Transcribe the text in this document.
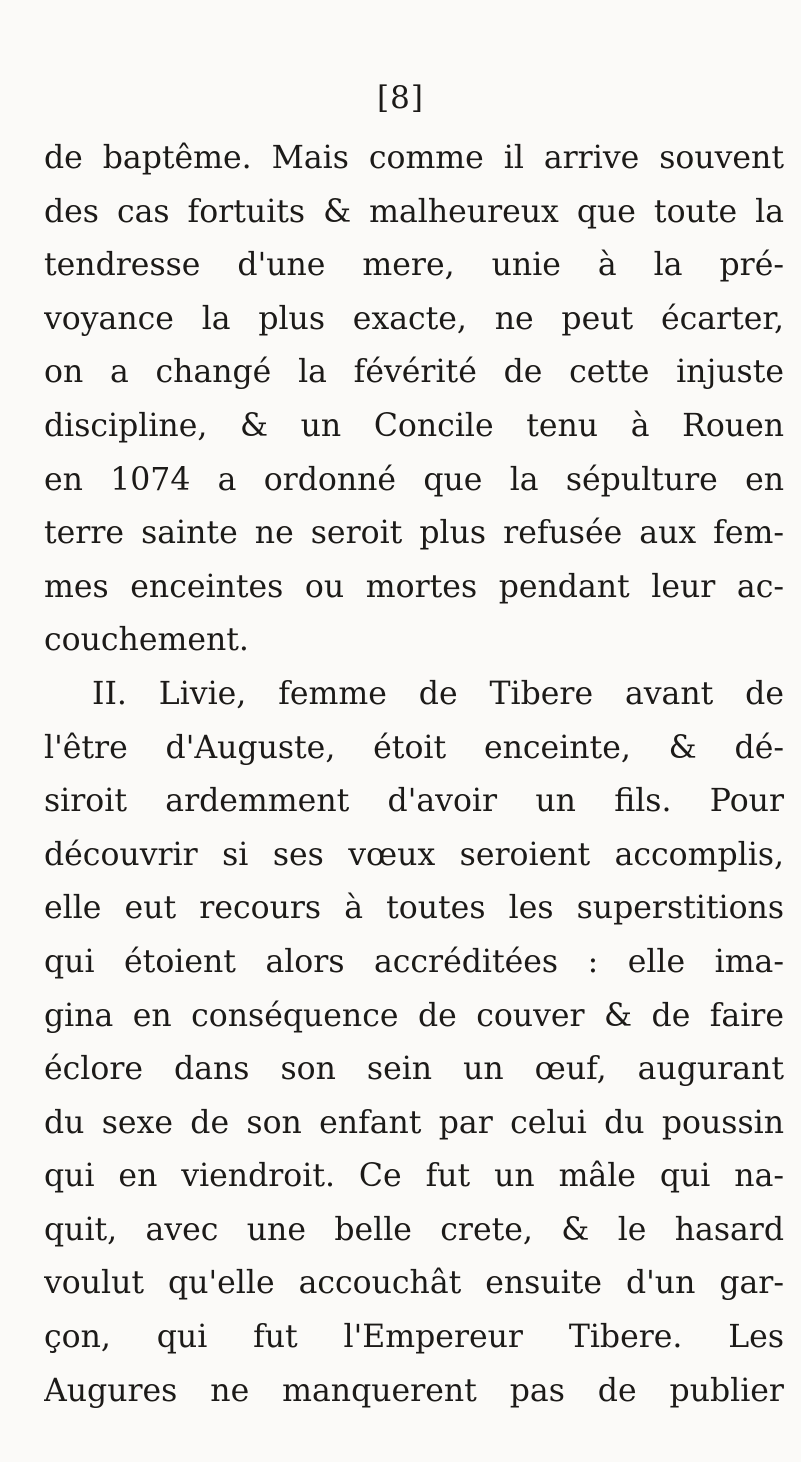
[8]
de baptême. Mais comme il arrive souvent
des cas fortuits & malheureux que toute la
tendresse d'une mere, unie à la pré-
voyance la plus exacte, ne peut écarter,
on a changé la févérité de cette injuste
discipline, & un Concile tenu à Rouen
en 1074 a ordonné que la sépulture en
terre sainte ne seroit plus refusée aux fem-
mes enceintes ou mortes pendant leur ac-
couchement.
II. Livie, femme de Tibere avant de
l'être d'Auguste, étoit enceinte, & dé-
siroit ardemment d'avoir un fils. Pour
découvrir si ses vœux seroient accomplis,
elle eut recours à toutes les superstitions
qui étoient alors accréditées : elle ima-
gina en conséquence de couver & de faire
éclore dans son sein un œuf, augurant
du sexe de son enfant par celui du poussin
qui en viendroit. Ce fut un mâle qui na-
quit, avec une belle crete, & le hasard
voulut qu'elle accouchât ensuite d'un gar-
çon, qui fut l'Empereur Tibere. Les
Augures ne manquerent pas de publier
